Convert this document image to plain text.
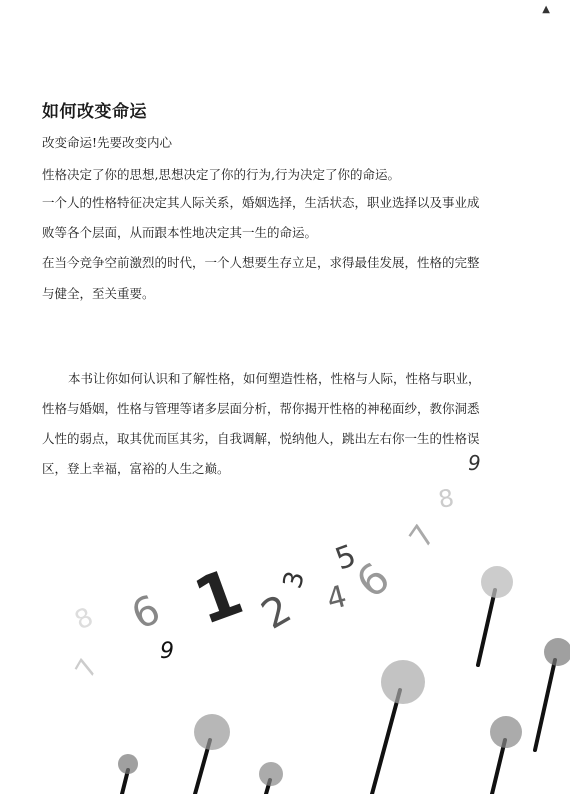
▲
如何改变命运
改变命运!先要改变内心
性格决定了你的思想,思想决定了你的行为,行为决定了你的命运。
一个人的性格特征决定其人际关系，婚姻选择，生活状态，职业选择以及事业成
败等各个层面，从而跟本性地决定其一生的命运。
在当今竞争空前激烈的时代，一个人想要生存立足，求得最佳发展，性格的完整
与健全，至关重要。
本书让你如何认识和了解性格，如何塑造性格，性格与人际，性格与职业，
性格与婚姻，性格与管理等诸多层面分析，帮你揭开性格的神秘面纱，教你洞悉
人性的弱点，取其优而匡其劣，自我调解，悦纳他人，跳出左右你一生的性格误
区，登上幸福，富裕的人生之巅。	9
8
7
6
5
4
3
2
1
9
6
8
7
